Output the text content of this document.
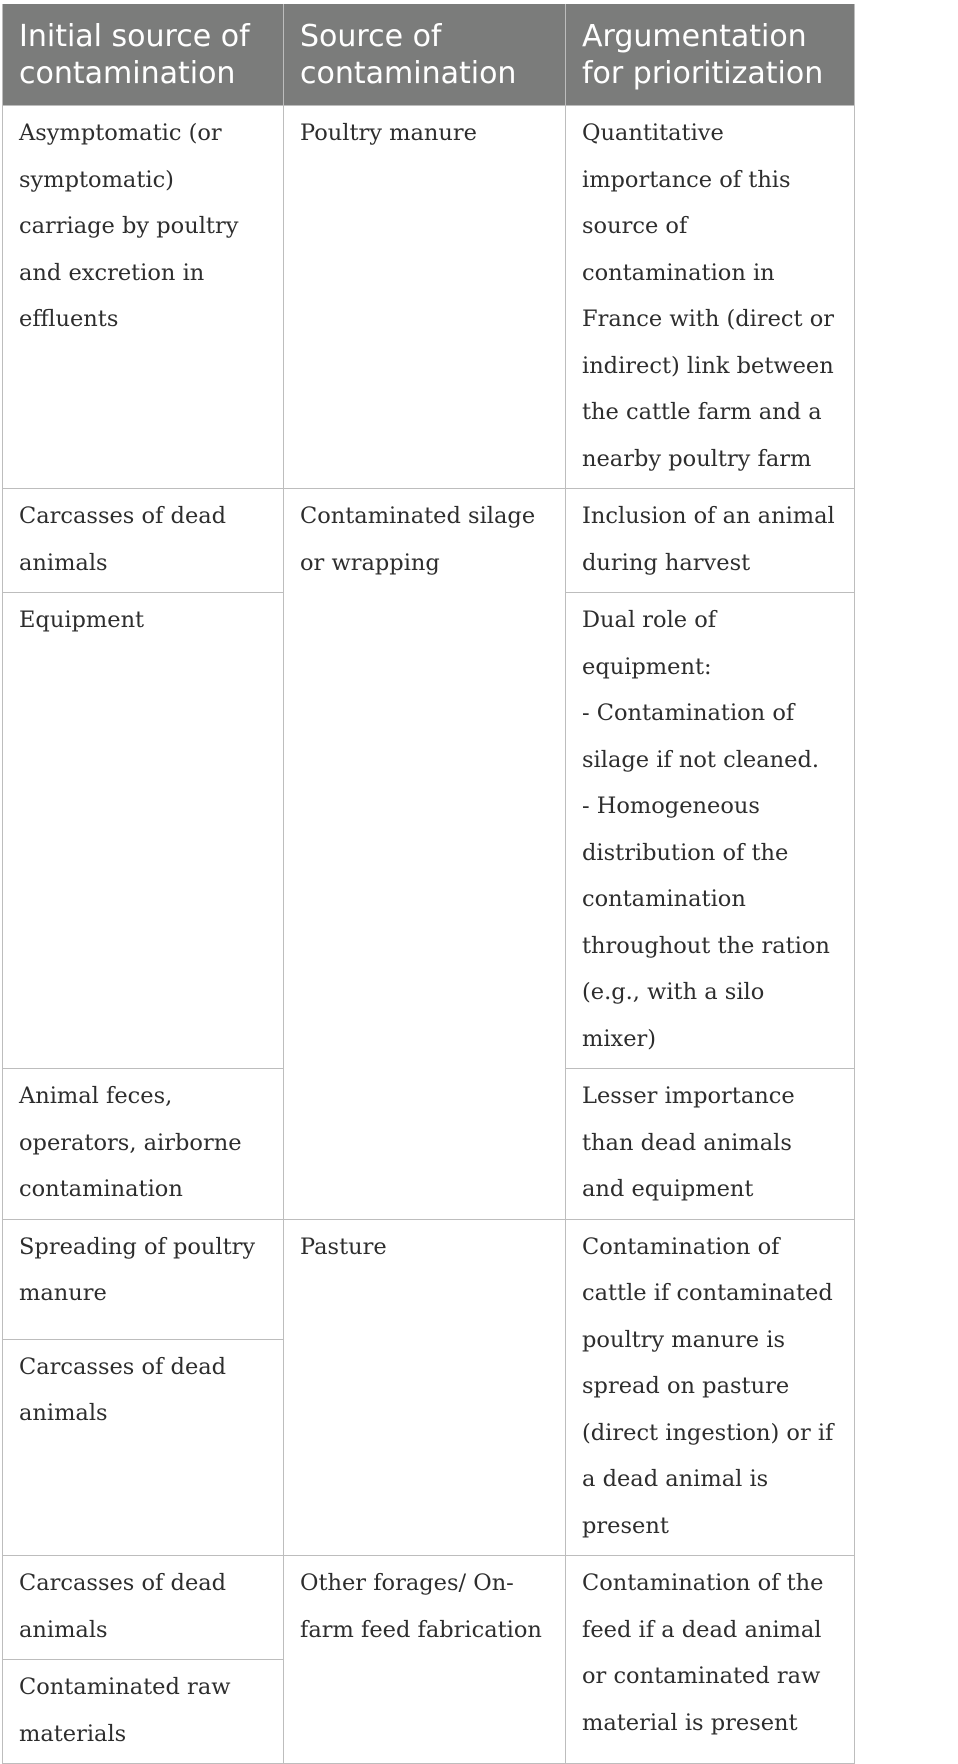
Initial source of contamination	Source of contamination	Argumentation for prioritization
Asymptomatic (or symptomatic) carriage by poultry and excretion in effluents	Poultry manure	Quantitative importance of this source of contamination in France with (direct or indirect) link between the cattle farm and a nearby poultry farm
Carcasses of dead animals	Contaminated silage or wrapping	Inclusion of an animal during harvest
Equipment		Dual role of equipment:
- Contamination of silage if not cleaned.
- Homogeneous distribution of the contamination throughout the ration (e.g., with a silo mixer)

Animal feces, operators, airborne contamination		Lesser importance than dead animals and equipment
Spreading of poultry manure	Pasture	Contamination of cattle if contaminated poultry manure is spread on pasture (direct ingestion) or if a dead animal is present
Carcasses of dead animals		
Carcasses of dead animals	Other forages/ On-farm feed fabrication	Contamination of the feed if a dead animal or contaminated raw material is present
Contaminated raw materials		
